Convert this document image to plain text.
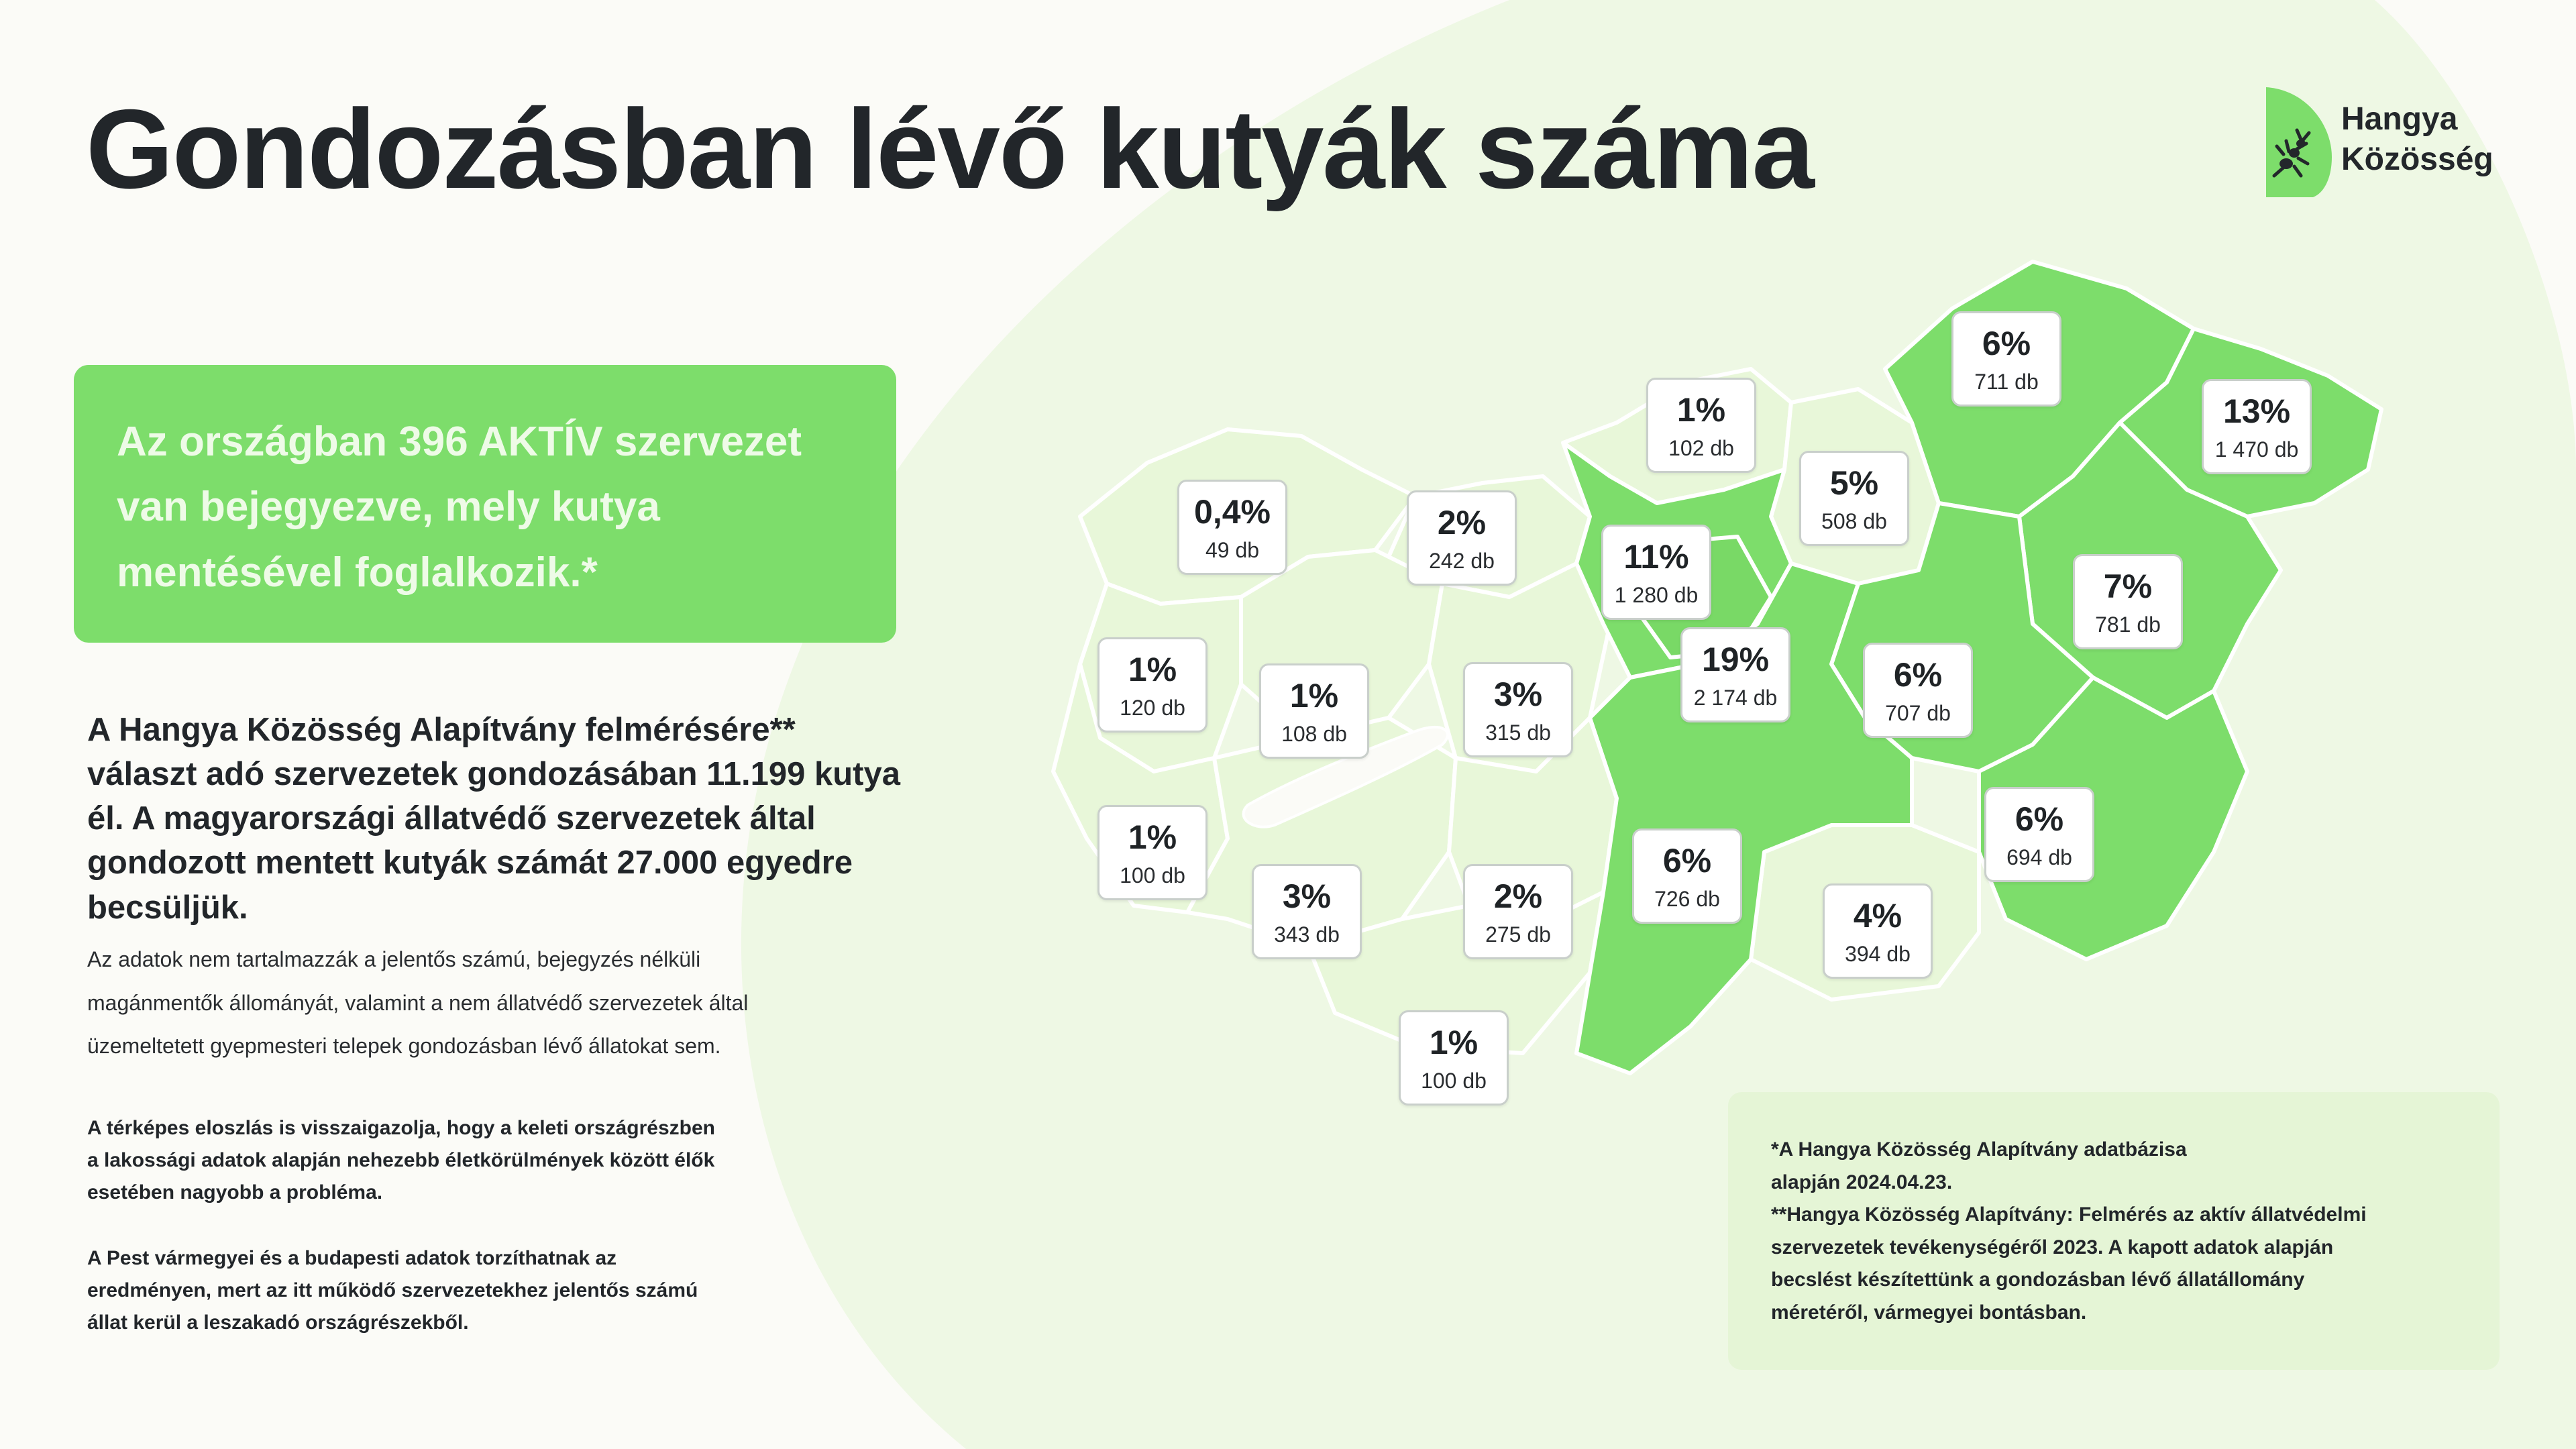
Gondozásban lévő kutyák száma	Hangya
Közösség
Az országban 396 AKTÍV szervezet
van bejegyezve, mely kutya
mentésével foglalkozik.*
A Hangya Közösség Alapítvány felmérésére**
választ adó szervezetek gondozásában 11.199 kutya
él. A magyarországi állatvédő szervezetek által
gondozott mentett kutyák számát 27.000 egyedre
becsüljük.
Az adatok nem tartalmazzák a jelentős számú, bejegyzés nélküli
magánmentők állományát, valamint a nem állatvédő szervezetek által
üzemeltetett gyepmesteri telepek gondozásban lévő állatokat sem.
A térképes eloszlás is visszaigazolja, hogy a keleti országrészben
a lakossági adatok alapján nehezebb életkörülmények között élők
esetében nagyobb a probléma.
A Pest vármegyei és a budapesti adatok torzíthatnak az
eredményen, mert az itt működő szervezetekhez jelentős számú
állat kerül a leszakadó országrészekből.
*A Hangya Közösség Alapítvány adatbázisa
alapján 2024.04.23.
**Hangya Közösség Alapítvány: Felmérés az aktív állatvédelmi
szervezetek tevékenységéről 2023. A kapott adatok alapján
becslést készítettünk a gondozásban lévő állatállomány
méretéről, vármegyei bontásban.
0,4%
49 db
2%
242 db
1%
120 db	1%
108 db
3%
315 db
1%
100 db
3%
343 db
2%
275 db
1%
100 db
1%
102 db
5%
508 db
4%
394 db
11%
1 280 db
19%
2 174 db
6%
711 db
13%
1 470 db
7%
781 db
6%
707 db
6%
694 db
6%
726 db
